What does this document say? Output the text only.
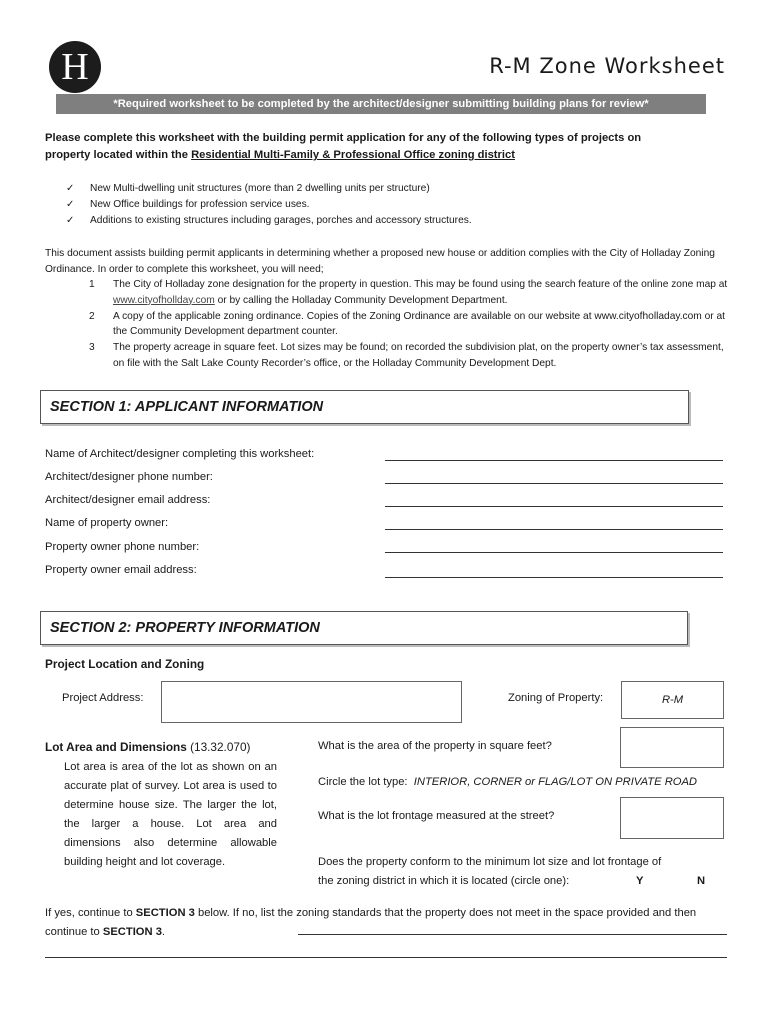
H	R-M Zone Worksheet
*Required worksheet to be completed by the architect/designer submitting building plans for review*
Please complete this worksheet with the building permit application for any of the following types of projects on
property located within the Residential Multi-Family & Professional Office zoning district
✓	New Multi-dwelling unit structures (more than 2 dwelling units per structure)
✓	New Office buildings for profession service uses.
✓	Additions to existing structures including garages, porches and accessory structures.
This document assists building permit applicants in determining whether a proposed new house or addition complies with the City of Holladay Zoning Ordinance. In order to complete this worksheet, you will need;
1	The City of Holladay zone designation for the property in question. This may be found using the search feature of the online zone map at www.cityofhollday.com or by calling the Holladay Community Development Department.
2	A copy of the applicable zoning ordinance. Copies of the Zoning Ordinance are available on our website at www.cityofholladay.com or at the Community Development department counter.
3	The property acreage in square feet. Lot sizes may be found; on recorded the subdivision plat, on the property owner’s tax assessment, on file with the Salt Lake County Recorder’s office, or the Holladay Community Development Dept.
SECTION 1: APPLICANT INFORMATION
Name of Architect/designer completing this worksheet:
Architect/designer phone number:
Architect/designer email address:
Name of property owner:
Property owner phone number:
Property owner email address:
SECTION 2: PROPERTY INFORMATION
Project Location and Zoning
Project Address:	Zoning of Property:	R-M
Lot Area and Dimensions (13.32.070)
Lot area is area of the lot as shown on an accurate plat of survey. Lot area is used to determine house size. The larger the lot, the larger a house. Lot area and dimensions also determine allowable building height and lot coverage.
What is the area of the property in square feet?
Circle the lot type: INTERIOR, CORNER or FLAG/LOT ON PRIVATE ROAD
What is the lot frontage measured at the street?
Does the property conform to the minimum lot size and lot frontage of
the zoning district in which it is located (circle one):	Y	N
If yes, continue to SECTION 3 below. If no, list the zoning standards that the property does not meet in the space provided and then continue to SECTION 3.
